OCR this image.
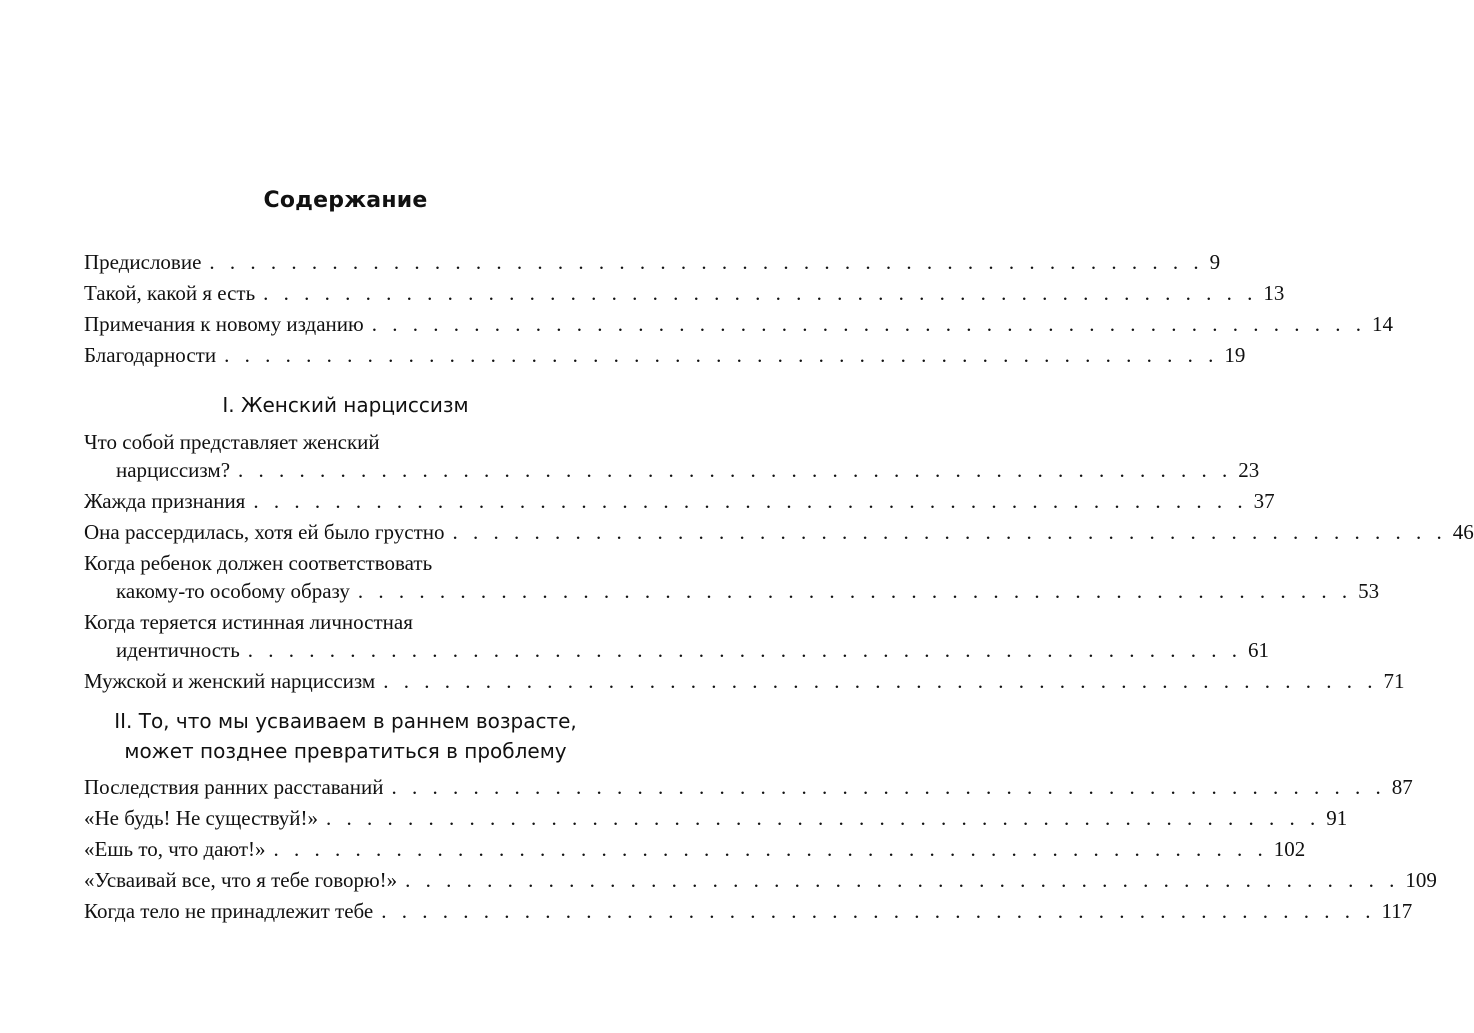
Содержание
Предисловие . . . . . . . . . . . . . . . . . . . . . . . . . . . . . . . . . . . . . . . . . . . . . . . . . 9
Такой, какой я есть . . . . . . . . . . . . . . . . . . . . . . . . . . . . . . . . . . . . . . . . . . . . . . . . . 13
Примечания к новому изданию . . . . . . . . . . . . . . . . . . . . . . . . . . . . . . . . . . . . . . . . . . . . . . . . . 14
Благодарности . . . . . . . . . . . . . . . . . . . . . . . . . . . . . . . . . . . . . . . . . . . . . . . . . 19
I. Женский нарциссизм
Что собой представляет женский
нарциссизм? . . . . . . . . . . . . . . . . . . . . . . . . . . . . . . . . . . . . . . . . . . . . . . . . . 23
Жажда признания . . . . . . . . . . . . . . . . . . . . . . . . . . . . . . . . . . . . . . . . . . . . . . . . . 37
Она рассердилась, хотя ей было грустно . . . . . . . . . . . . . . . . . . . . . . . . . . . . . . . . . . . . . . . . . . . . . . . . . 46
Когда ребенок должен соответствовать
какому-то особому образу . . . . . . . . . . . . . . . . . . . . . . . . . . . . . . . . . . . . . . . . . . . . . . . . . 53
Когда теряется истинная личностная
идентичность . . . . . . . . . . . . . . . . . . . . . . . . . . . . . . . . . . . . . . . . . . . . . . . . . 61
Мужской и женский нарциссизм . . . . . . . . . . . . . . . . . . . . . . . . . . . . . . . . . . . . . . . . . . . . . . . . . 71
II. То, что мы усваиваем в раннем возрасте,
может позднее превратиться в проблему
Последствия ранних расставаний . . . . . . . . . . . . . . . . . . . . . . . . . . . . . . . . . . . . . . . . . . . . . . . . . 87
«Не будь! Не существуй!» . . . . . . . . . . . . . . . . . . . . . . . . . . . . . . . . . . . . . . . . . . . . . . . . . 91
«Ешь то, что дают!» . . . . . . . . . . . . . . . . . . . . . . . . . . . . . . . . . . . . . . . . . . . . . . . . . 102
«Усваивай все, что я тебе говорю!» . . . . . . . . . . . . . . . . . . . . . . . . . . . . . . . . . . . . . . . . . . . . . . . . . 109
Когда тело не принадлежит тебе . . . . . . . . . . . . . . . . . . . . . . . . . . . . . . . . . . . . . . . . . . . . . . . . . 117
